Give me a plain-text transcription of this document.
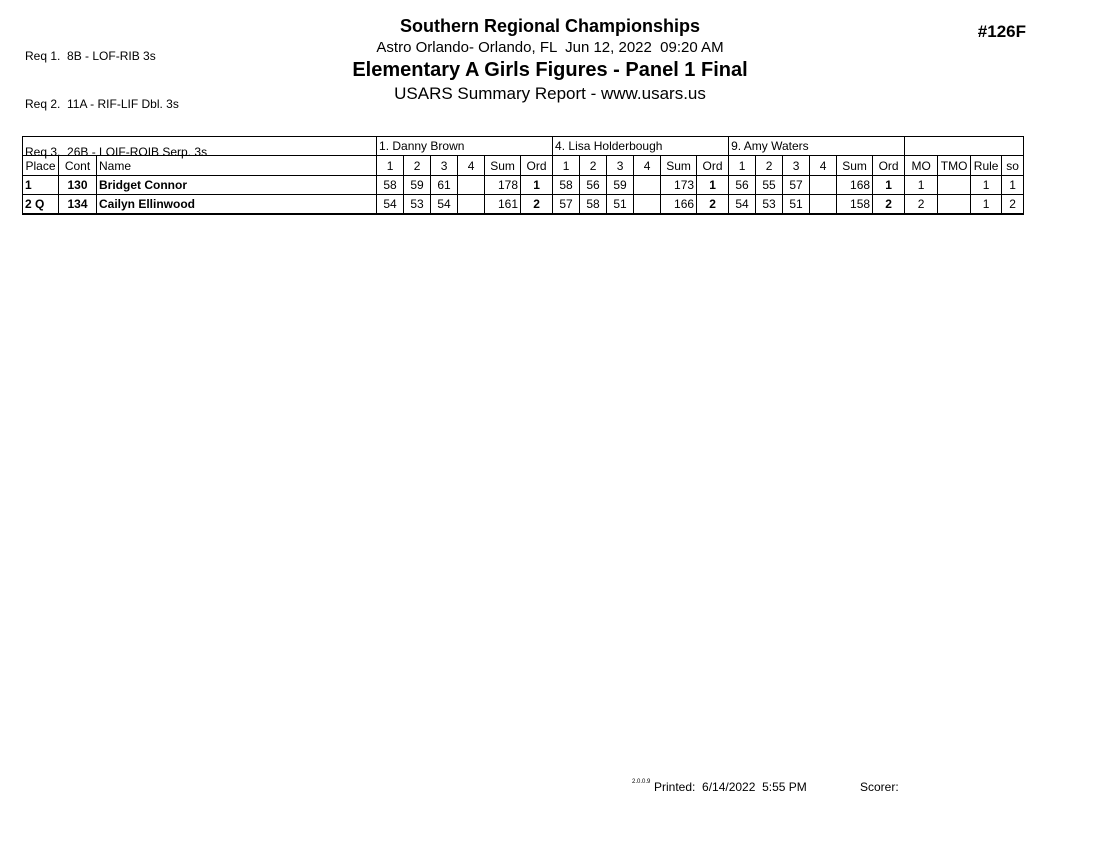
Req 1.  8B - LOF-RIB 3s

Req 2.  11A - RIF-LIF Dbl. 3s

Req 3.  26B - LOIF-ROIB Serp. 3s

Southern Regional Championships
Astro Orlando- Orlando, FL  Jun 12, 2022  09:20 AM
Elementary A Girls Figures - Panel 1 Final
USARS Summary Report - www.usars.us
#126F
			1. Danny Brown						4. Lisa Holderbough						9. Amy Waters									
Place	Cont	Name	1	2	3	4	Sum	Ord	1	2	3	4	Sum	Ord	1	2	3	4	Sum	Ord	MO	TMO	Rule	so
1	130	Bridget Connor	58	59	61		178	1	58	56	59		173	1	56	55	57		168	1	1		1	1
2 Q	134	Cailyn Ellinwood	54	53	54		161	2	57	58	51		166	2	54	53	51		158	2	2		1	2
2.0.0.9 Printed:  6/14/2022  5:55 PM	Scorer:
